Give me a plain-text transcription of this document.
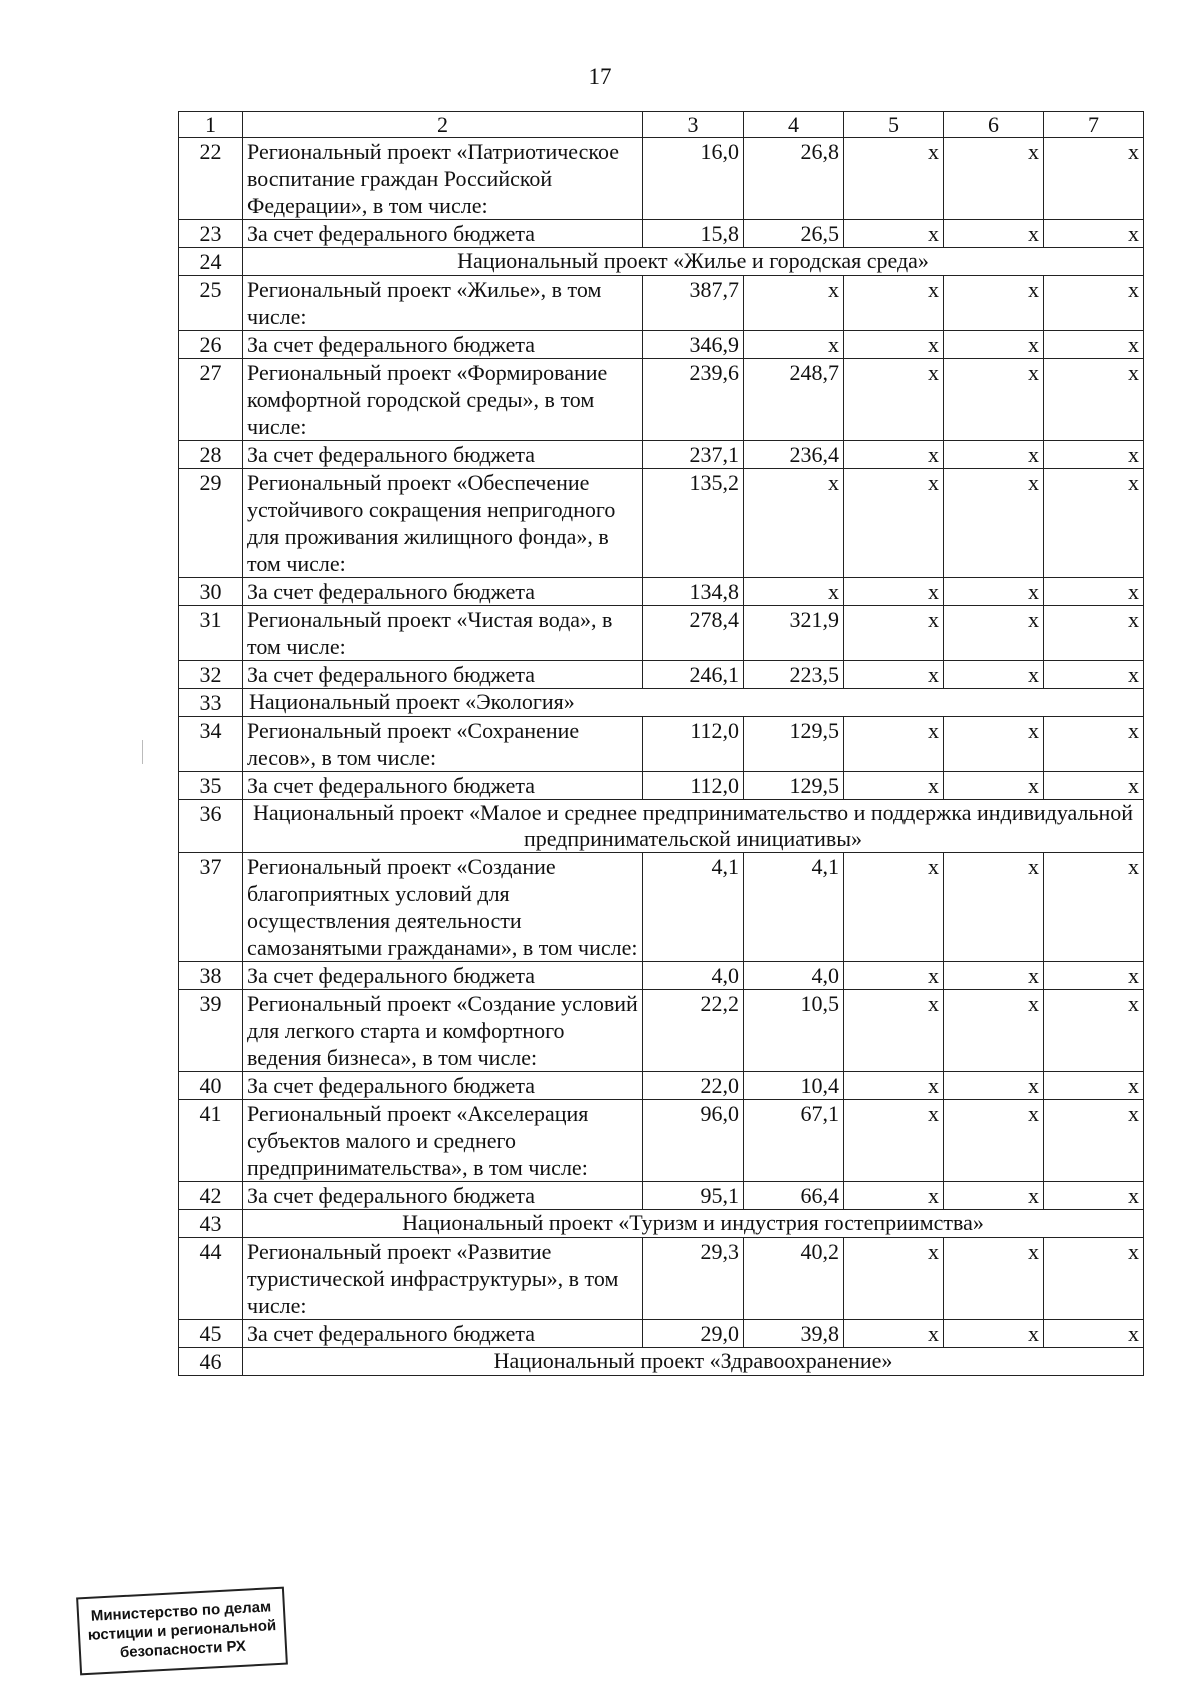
17
1	2	3	4	5	6	7
22	Региональный проект «Патриотическое воспитание граждан Российской Федерации», в том числе:	16,0	26,8	x	x	x
23	За счет федерального бюджета	15,8	26,5	x	x	x
24	Национальный проект «Жилье и городская среда»					
25	Региональный проект «Жилье», в том числе:	387,7	x	x	x	x
26	За счет федерального бюджета	346,9	x	x	x	x
27	Региональный проект «Формирование комфортной городской среды», в том числе:	239,6	248,7	x	x	x
28	За счет федерального бюджета	237,1	236,4	x	x	x
29	Региональный проект «Обеспечение устойчивого сокращения непригодного для проживания жилищного фонда», в том числе:	135,2	x	x	x	x
30	За счет федерального бюджета	134,8	x	x	x	x
31	Региональный проект «Чистая вода», в том числе:	278,4	321,9	x	x	x
32	За счет федерального бюджета	246,1	223,5	x	x	x
33	Национальный проект «Экология»					
34	Региональный проект «Сохранение лесов», в том числе:	112,0	129,5	x	x	x
35	За счет федерального бюджета	112,0	129,5	x	x	x
36	Национальный проект «Малое и среднее предпринимательство и поддержка индивидуальной предпринимательской инициативы»					
37	Региональный проект «Создание благоприятных условий для осуществления деятельности самозанятыми гражданами», в том числе:	4,1	4,1	x	x	x
38	За счет федерального бюджета	4,0	4,0	x	x	x
39	Региональный проект «Создание условий для легкого старта и комфортного ведения бизнеса», в том числе:	22,2	10,5	x	x	x
40	За счет федерального бюджета	22,0	10,4	x	x	x
41	Региональный проект «Акселерация субъектов малого и среднего предпринимательства», в том числе:	96,0	67,1	x	x	x
42	За счет федерального бюджета	95,1	66,4	x	x	x
43	Национальный проект «Туризм и индустрия гостеприимства»					
44	Региональный проект «Развитие туристической инфраструктуры», в том числе:	29,3	40,2	x	x	x
45	За счет федерального бюджета	29,0	39,8	x	x	x
46	Национальный проект «Здравоохранение»					
Министерство по делам
юстиции и региональной
безопасности РХ
